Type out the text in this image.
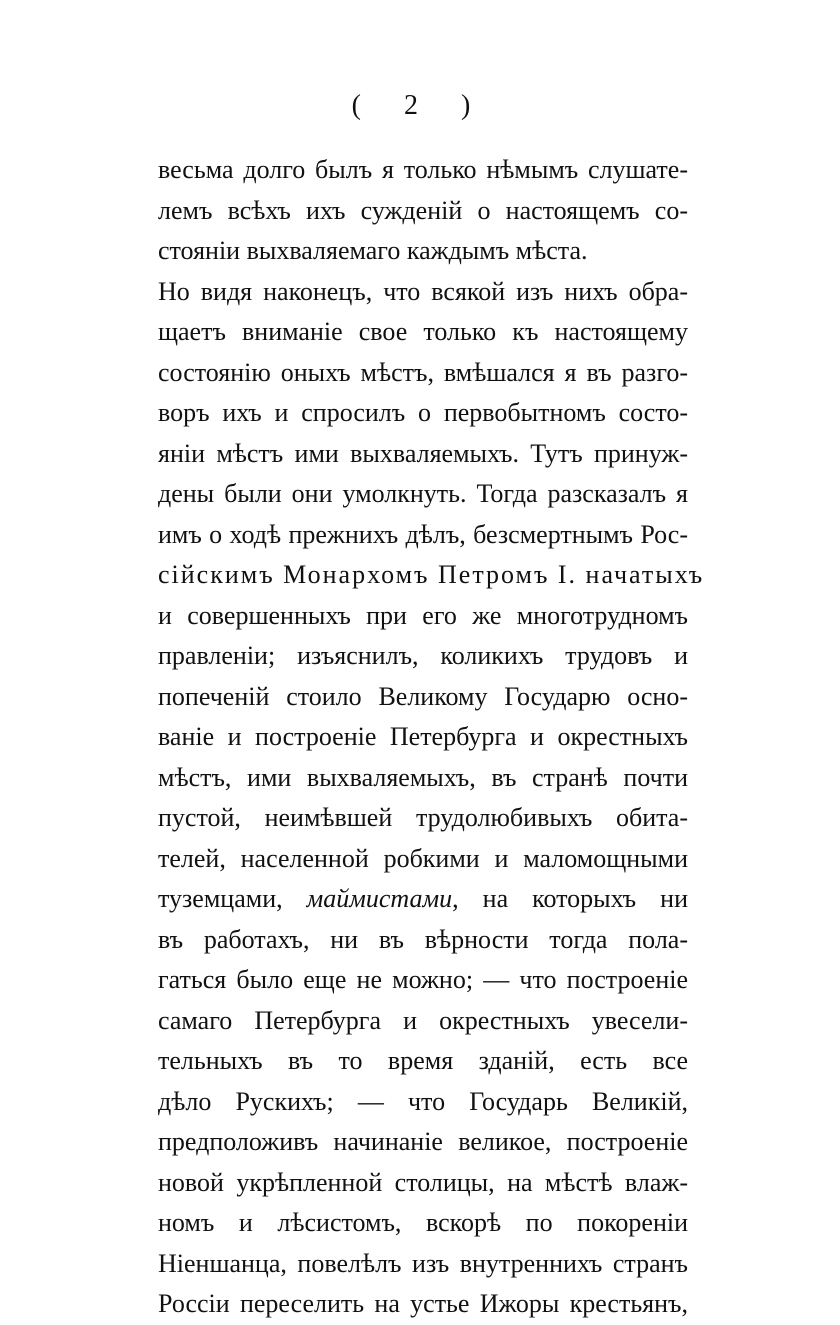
( 2 )
весьма долго былъ я только нѣмымъ слушате-
лемъ всѣхъ ихъ сужденій о настоящемъ со-
стояніи выхваляемаго каждымъ мѣста.
Но видя наконецъ, что всякой изъ нихъ обра-
щаетъ вниманіе свое только къ настоящему
состоянію оныхъ мѣстъ, вмѣшался я въ разго-
воръ ихъ и спросилъ о первобытномъ состо-
яніи мѣстъ ими выхваляемыхъ. Тутъ принуж-
дены были они умолкнуть. Тогда разсказалъ я
имъ о ходѣ прежнихъ дѣлъ, безсмертнымъ Рос-
сійскимъ Монархомъ Петромъ I. начатыхъ
и совершенныхъ при его же многотрудномъ
правленіи; изъяснилъ, коликихъ трудовъ и
попеченій стоило Великому Государю осно-
ваніе и построеніе Петербурга и окрестныхъ
мѣстъ, ими выхваляемыхъ, въ странѣ почти
пустой, неимѣвшей трудолюбивыхъ обита-
телей, населенной робкими и маломощными
туземцами, маймистами, на которыхъ ни
въ работахъ, ни въ вѣрности тогда пола-
гаться было еще не можно; — что построеніе
самаго Петербурга и окрестныхъ увесели-
тельныхъ въ то время зданій, есть все
дѣло Рускихъ; — что Государь Великій,
предположивъ начинаніе великое, построеніе
новой укрѣпленной столицы, на мѣстѣ влаж-
номъ и лѣсистомъ, вскорѣ по покореніи
Ніеншанца, повелѣлъ изъ внутреннихъ странъ
Россіи переселить на устье Ижоры крестьянъ,
